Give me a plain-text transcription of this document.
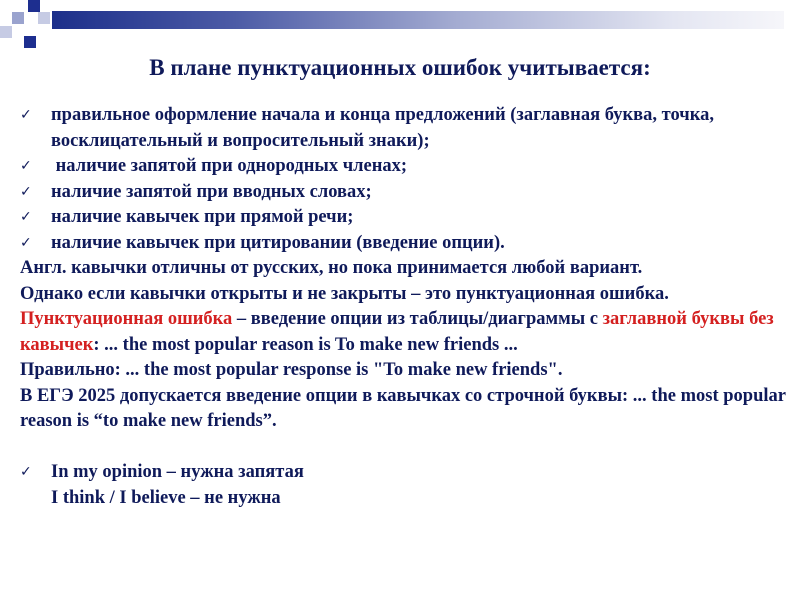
В плане пунктуационных ошибок учитывается:
✓ правильное оформление начала и конца предложений (заглавная буква, точка, восклицательный и вопросительный знаки);
✓ наличие запятой при однородных членах;
✓ наличие запятой при вводных словах;
✓ наличие кавычек при прямой речи;
✓ наличие кавычек при цитировании (введение опции).

Англ. кавычки отличны от русских, но пока принимается любой вариант.

Однако если кавычки открыты и не закрыты – это пунктуационная ошибка.

Пунктуационная ошибка – введение опции из таблицы/диаграммы с заглавной буквы без кавычек: ... the most popular reason is To make new friends ...

Правильно: ... the most popular response is "To make new friends".

В ЕГЭ 2025 допускается введение опции в кавычках со строчной буквы: ... the most popular reason is “to make new friends”.

✓ In my opinion – нужна запятая
I think / I believe – не нужна
